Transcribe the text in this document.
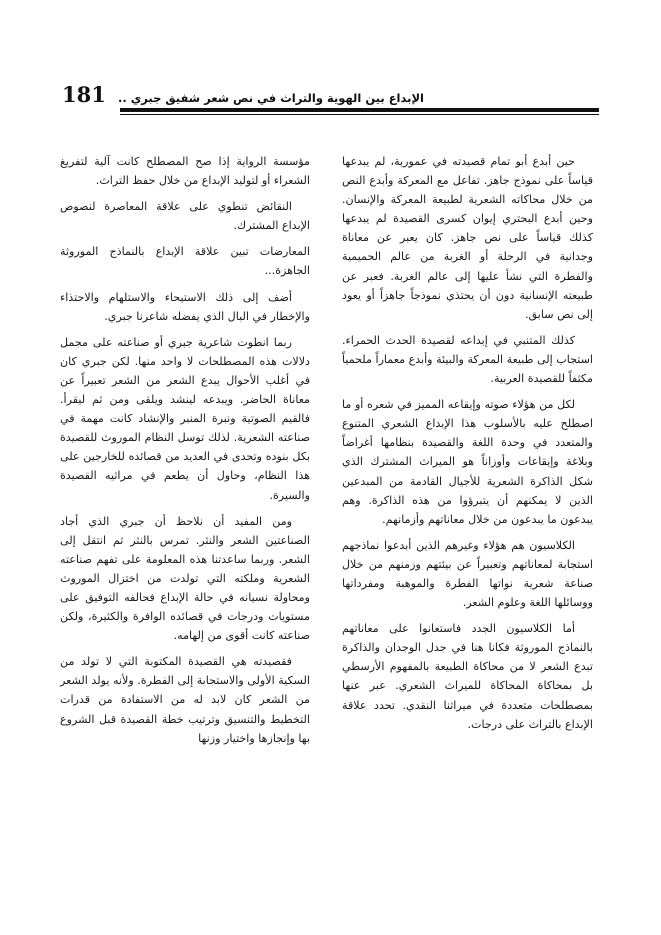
181 الإبداع بين الهوية والتراث في نص شعر شفيق جبري ..

حين أبدع أبو تمام قصيدته في عمورية، لم يبدعها قياساً على نموذج جاهز. تفاعل مع المعركة وأبدع النص من خلال محاكاته الشعرية لطبيعة المعركة والإنسان. وحين أبدع البحتري إيوان كسرى القصيدة لم يبدعها كذلك قياساً على نص جاهز. كان يعبر عن معاناة وجدانية في الرحلة أو الغربة من عالم الحميمية والفطرة التي نشأ عليها إلى عالم الغربة. فعبر عن طبيعته الإنسانية دون أن يحتذي نموذجاً جاهزاً أو يعود إلى نص سابق.

كذلك المتنبي في إبداعه لقصيدة الحدث الحمراء. استجاب إلى طبيعة المعركة والبيئة وأبدع معماراً ملحمياً مكثفاً للقصيدة العربية.

لكل من هؤلاء صوته وإيقاعه المميز في شعره أو ما اصطلح عليه بالأسلوب هذا الإبداع الشعري المتنوع والمتعدد في وحدة اللغة والقصيدة بنظامها أغراضاً وبلاغة وإيقاعات وأوزاناً هو الميراث المشترك الذي شكل الذاكرة الشعرية للأجيال القادمة من المبدعين الذين لا يمكنهم أن يتبرؤوا من هذه الذاكرة. وهم يبدعون ما يبدعون من خلال معاناتهم وأزمانهم.

الكلاسيون هم هؤلاء وغيرهم الذين أبدعوا نماذجهم استجابة لمعاناتهم وتعبيراً عن بيئتهم وزمنهم من خلال صناعة شعرية نواتها الفطرة والموهبة ومفرداتها ووسائلها اللغة وعلوم الشعر.

أما الكلاسيون الجدد فاستعانوا على معاناتهم بالنماذج الموروثة فكانا هنا في جدل الوجدان والذاكرة تبدع الشعر لا من محاكاة الطبيعة بالمفهوم الأرسطي بل بمحاكاة المحاكاة للميراث الشعري. عبر عنها بمصطلحات متعددة في ميراثنا النقدي. تحدد علاقة الإبداع بالتراث على درجات.

مؤسسة الرواية إذا صح المصطلح كانت آلية لتفريغ الشعراء أو لتوليد الإبداع من خلال حفظ التراث.

النقائض تنطوي على علاقة المعاصرة لنصوص الإبداع المشترك.

المعارضات تبين علاقة الإبداع بالنماذج الموروثة الجاهزة...

أضف إلى ذلك الاستيحاء والاستلهام والاحتذاء والإخطار في البال الذي يفضله شاعرنا جبري.

ربما انطوت شاعرية جبري أو صناعته على مجمل دلالات هذه المصطلحات لا واحد منها. لكن جبري كان في أغلب الأحوال يبدع الشعر من الشعر تعبيراً عن معاناة الحاضر. ويبدعه لينشد ويلقى ومن ثم ليقرأ. فالقيم الصوتية ونبرة المنبر والإنشاد كانت مهمة في صناعته الشعرية. لذلك توسل النظام الموروث للقصيدة بكل بنوده وتحدى في العديد من قصائده للخارجين على هذا النظام، وحاول أن يطعم في مراثيه القصيدة والسيرة.

ومن المفيد أن نلاحظ أن جبري الذي أجاد الصناعتين الشعر والنثر. تمرس بالنثر ثم انتقل إلى الشعر. وربما ساعدتنا هذه المعلومة على تفهم صناعته الشعرية وملكته التي تولدت من اختزال الموروث ومحاولة نسيانه في حالة الإبداع فحالفه التوفيق على مستويات ودرجات في قصائده الوافرة والكثيرة، ولكن صناعته كانت أقوى من إلهامه.

فقصيدته هي القصيدة المكتوبة التي لا تولد من السكية الأولى والاستجابة إلى الفطرة. ولأنه يولد الشعر من الشعر كان لابد له من الاستفادة من قدرات التخطيط والتنسيق وترتيب خطة القصيدة قبل الشروع بها وإنجازها واختيار وزنها
